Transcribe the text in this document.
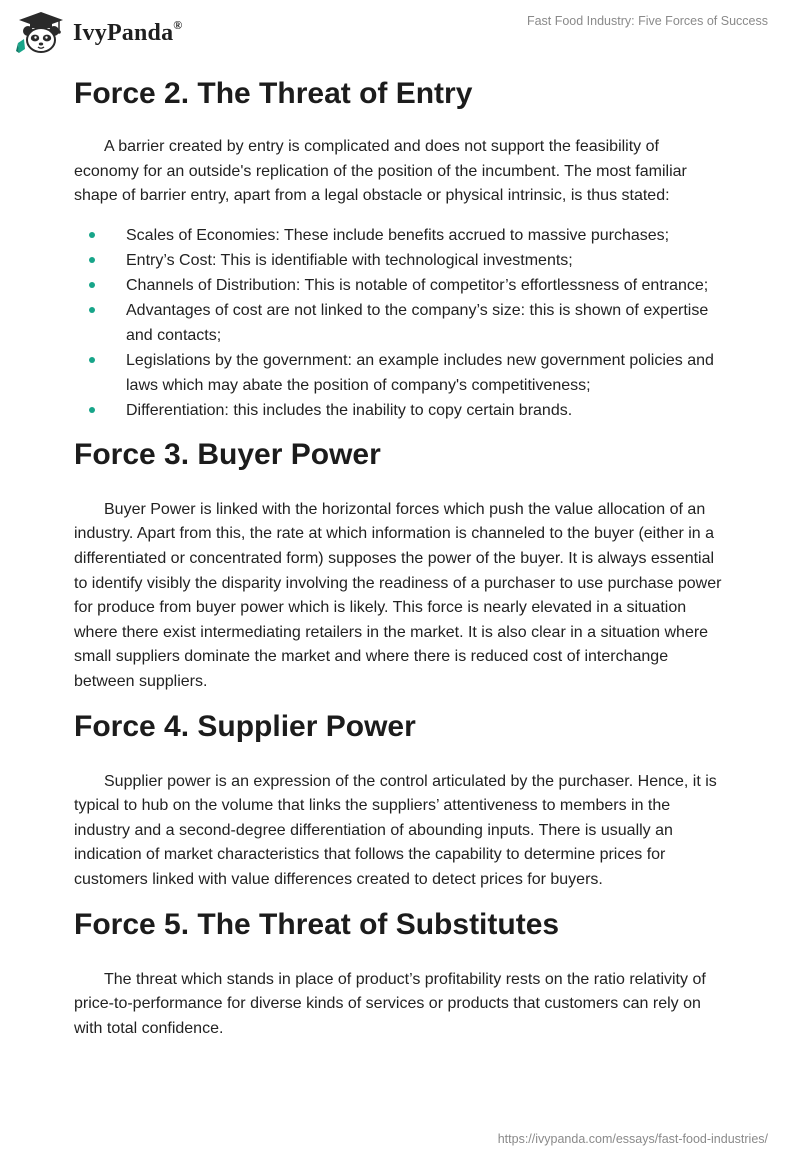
IvyPanda®	Fast Food Industry: Five Forces of Success
Force 2. The Threat of Entry

A barrier created by entry is complicated and does not support the feasibility of economy for an outside's replication of the position of the incumbent. The most familiar shape of barrier entry, apart from a legal obstacle or physical intrinsic, is thus stated:

Scales of Economies: These include benefits accrued to massive purchases;
Entry’s Cost: This is identifiable with technological investments;
Channels of Distribution: This is notable of competitor’s effortlessness of entrance;
Advantages of cost are not linked to the company’s size: this is shown of expertise and contacts;
Legislations by the government: an example includes new government policies and laws which may abate the position of company's competitiveness;
Differentiation: this includes the inability to copy certain brands.
Force 3. Buyer Power

Buyer Power is linked with the horizontal forces which push the value allocation of an industry. Apart from this, the rate at which information is channeled to the buyer (either in a differentiated or concentrated form) supposes the power of the buyer. It is always essential to identify visibly the disparity involving the readiness of a purchaser to use purchase power for produce from buyer power which is likely. This force is nearly elevated in a situation where there exist intermediating retailers in the market. It is also clear in a situation where small suppliers dominate the market and where there is reduced cost of interchange between suppliers.

Force 4. Supplier Power

Supplier power is an expression of the control articulated by the purchaser. Hence, it is typical to hub on the volume that links the suppliers’ attentiveness to members in the industry and a second-degree differentiation of abounding inputs. There is usually an indication of market characteristics that follows the capability to determine prices for customers linked with value differences created to detect prices for buyers.

Force 5. The Threat of Substitutes

The threat which stands in place of product’s profitability rests on the ratio relativity of price-to-performance for diverse kinds of services or products that customers can rely on with total confidence.

https://ivypanda.com/essays/fast-food-industries/
